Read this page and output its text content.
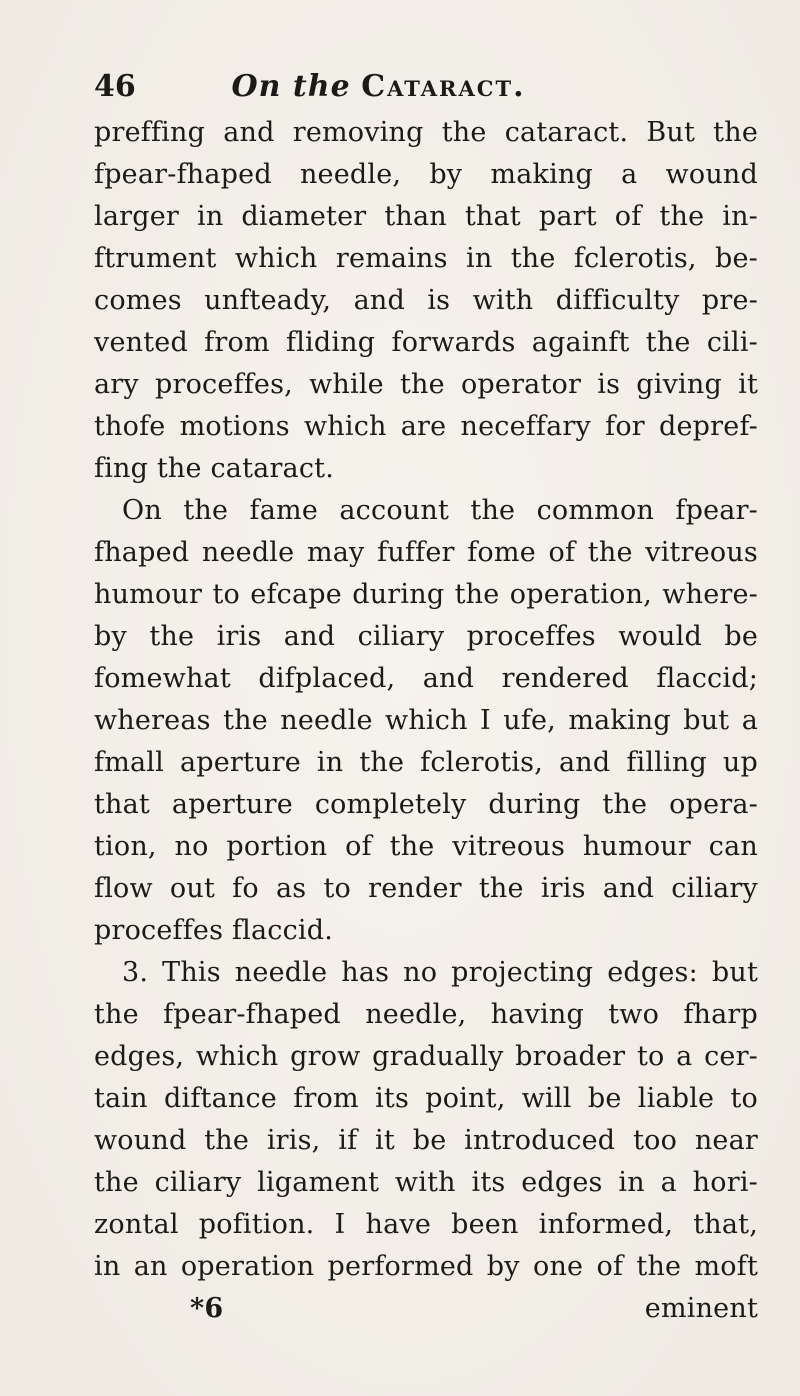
46	On the Cataract.
preffing and removing the cataract. But the
fpear-fhaped needle, by making a wound
larger in diameter than that part of the in-
ftrument which remains in the fclerotis, be-
comes unfteady, and is with difficulty pre-
vented from fliding forwards againft the cili-
ary proceffes, while the operator is giving it
thofe motions which are neceffary for depref-
fing the cataract.
On the fame account the common fpear-
fhaped needle may fuffer fome of the vitreous
humour to efcape during the operation, where-
by the iris and ciliary proceffes would be
fomewhat difplaced, and rendered flaccid;
whereas the needle which I ufe, making but a
fmall aperture in the fclerotis, and filling up
that aperture completely during the opera-
tion, no portion of the vitreous humour can
flow out fo as to render the iris and ciliary
proceffes flaccid.
3. This needle has no projecting edges: but
the fpear-fhaped needle, having two fharp
edges, which grow gradually broader to a cer-
tain diftance from its point, will be liable to
wound the iris, if it be introduced too near
the ciliary ligament with its edges in a hori-
zontal pofition. I have been informed, that,
in an operation performed by one of the moft
*6	eminent
